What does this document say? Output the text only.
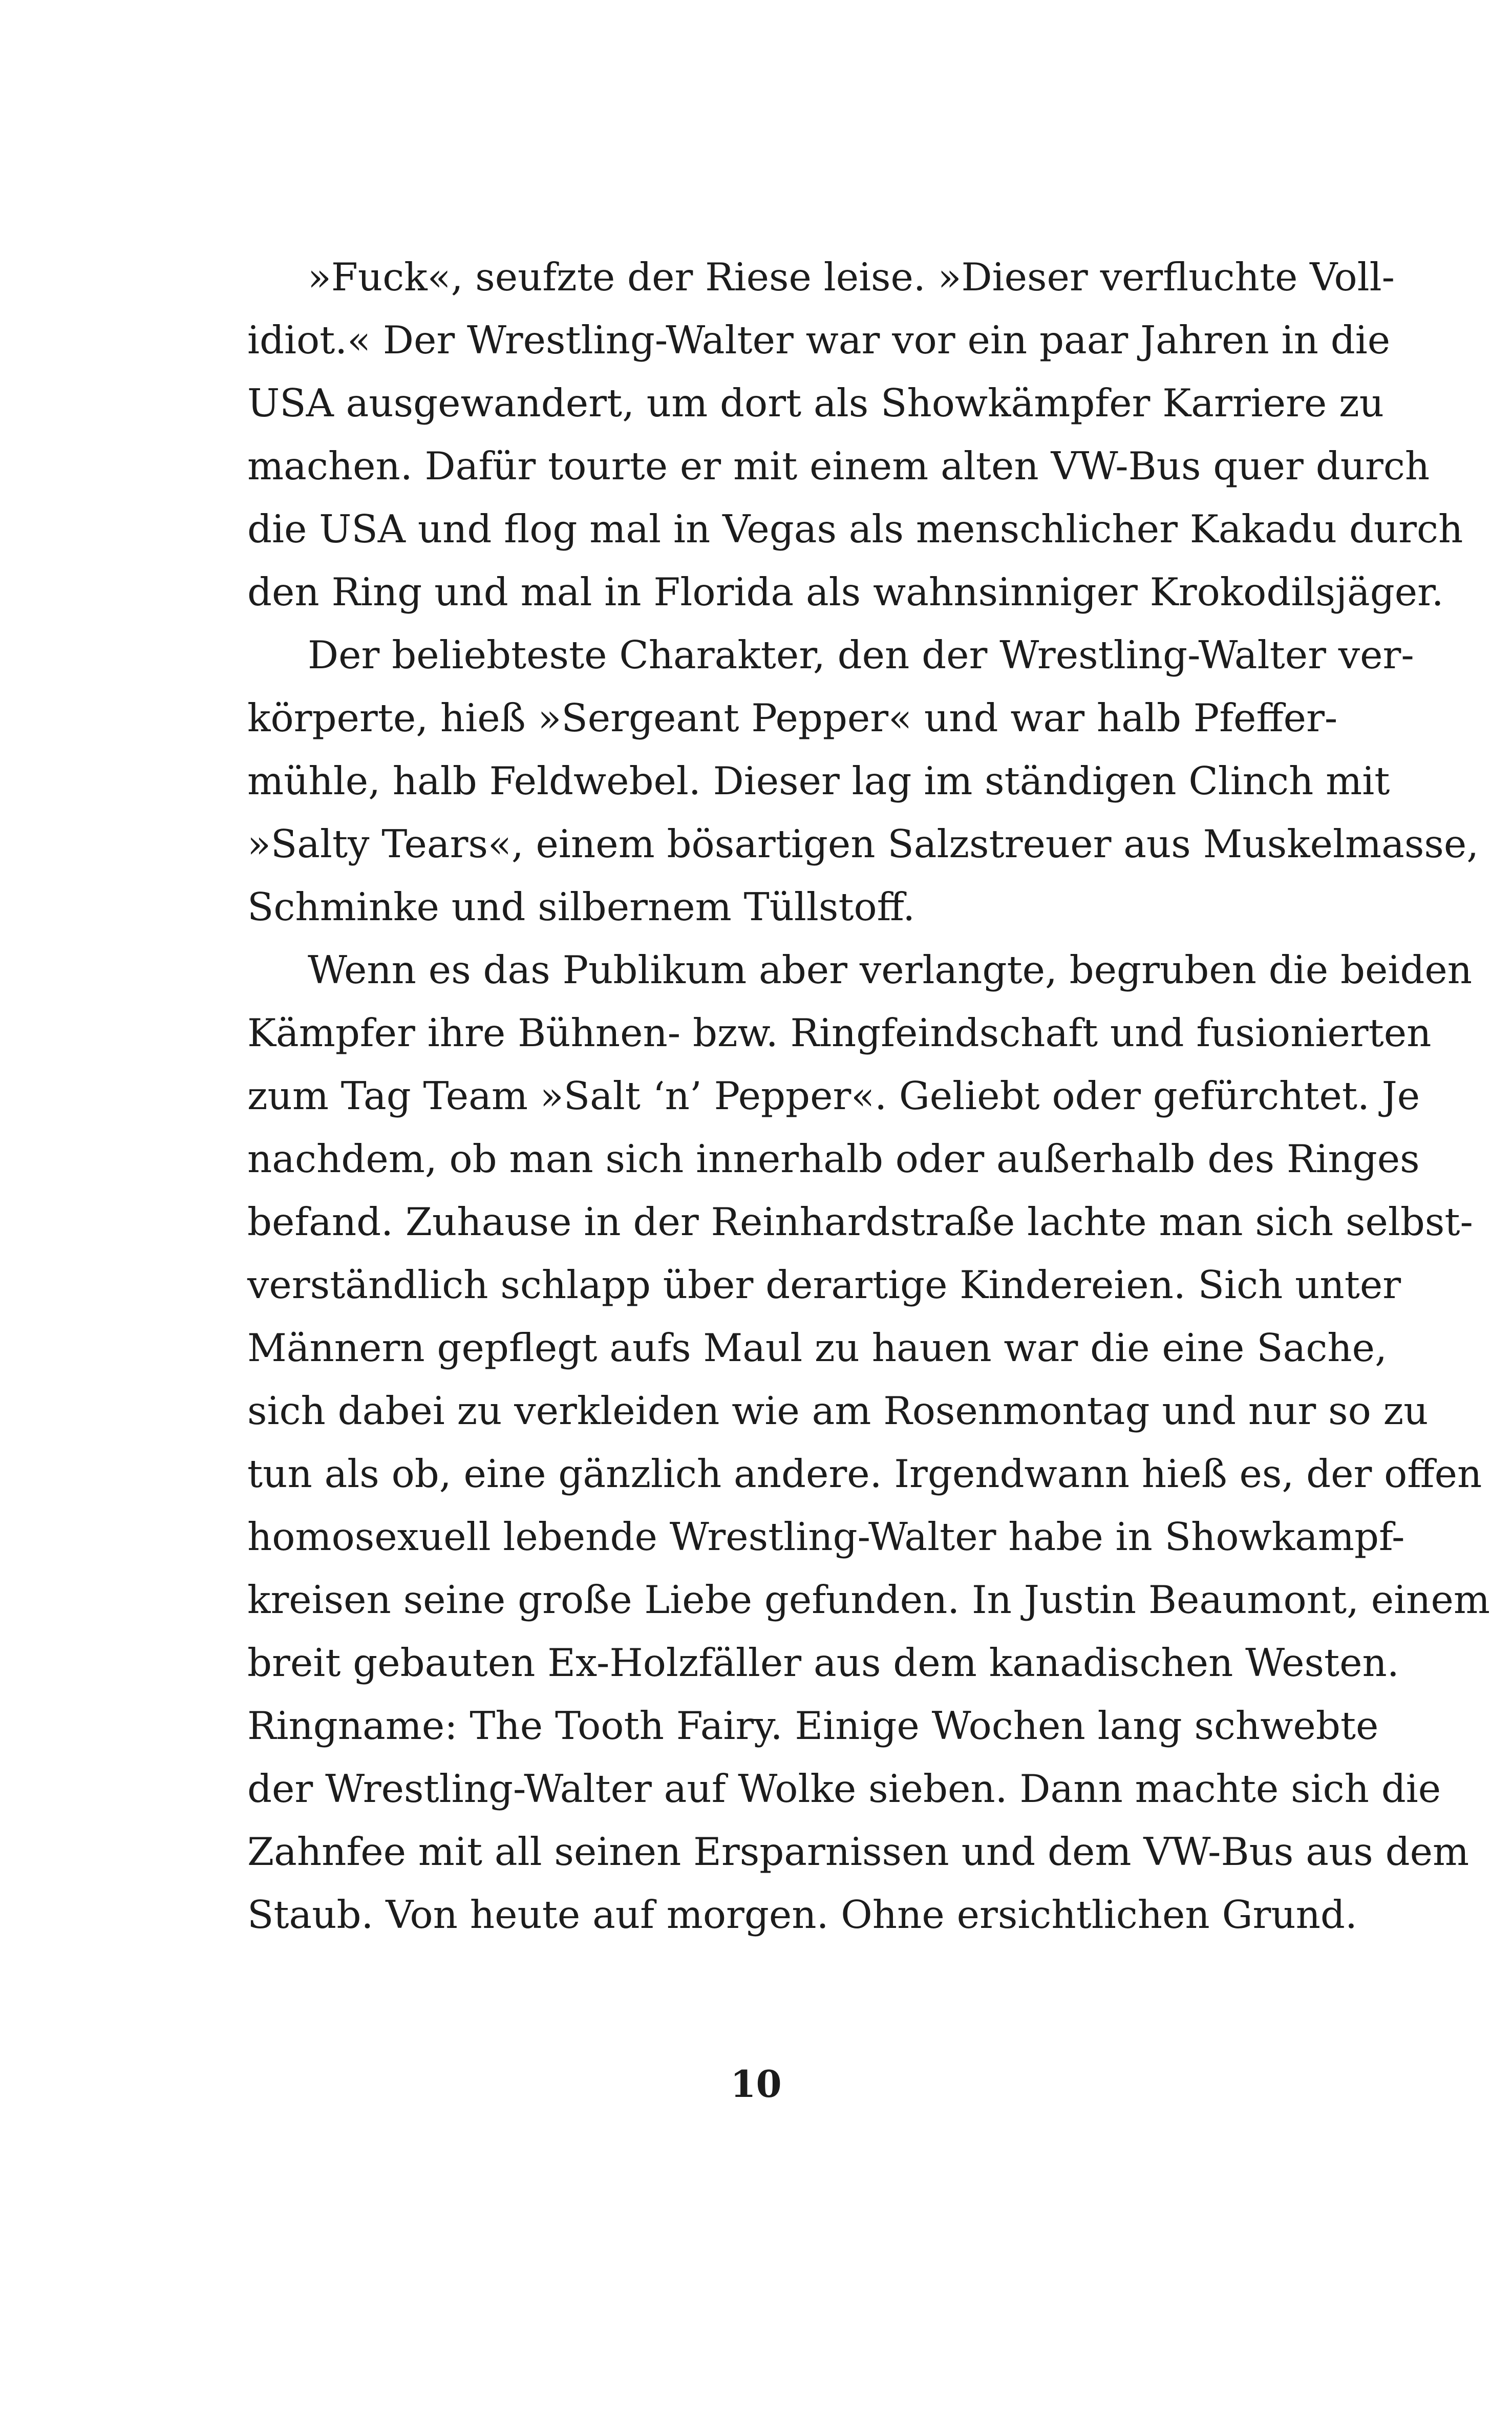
»Fuck«, seufzte der Riese leise. »Dieser verfluchte Voll-
idiot.« Der Wrestling-Walter war vor ein paar Jahren in die
USA ausgewandert, um dort als Showkämpfer Karriere zu
machen. Dafür tourte er mit einem alten VW-Bus quer durch
die USA und flog mal in Vegas als menschlicher Kakadu durch
den Ring und mal in Florida als wahnsinniger Krokodilsjäger.
Der beliebteste Charakter, den der Wrestling-Walter ver-
körperte, hieß »Sergeant Pepper« und war halb Pfeffer-
mühle, halb Feldwebel. Dieser lag im ständigen Clinch mit
»Salty Tears«, einem bösartigen Salzstreuer aus Muskelmasse,
Schminke und silbernem Tüllstoff.
Wenn es das Publikum aber verlangte, begruben die beiden
Kämpfer ihre Bühnen- bzw. Ringfeindschaft und fusionierten
zum Tag Team »Salt ‘n’ Pepper«. Geliebt oder gefürchtet. Je
nachdem, ob man sich innerhalb oder außerhalb des Ringes
befand. Zuhause in der Reinhardstraße lachte man sich selbst-
verständlich schlapp über derartige Kindereien. Sich unter
Männern gepflegt aufs Maul zu hauen war die eine Sache,
sich dabei zu verkleiden wie am Rosenmontag und nur so zu
tun als ob, eine gänzlich andere. Irgendwann hieß es, der offen
homosexuell lebende Wrestling-Walter habe in Showkampf-
kreisen seine große Liebe gefunden. In Justin Beaumont, einem
breit gebauten Ex-Holzfäller aus dem kanadischen Westen.
Ringname: The Tooth Fairy. Einige Wochen lang schwebte
der Wrestling-Walter auf Wolke sieben. Dann machte sich die
Zahnfee mit all seinen Ersparnissen und dem VW-Bus aus dem
Staub. Von heute auf morgen. Ohne ersichtlichen Grund.
10
